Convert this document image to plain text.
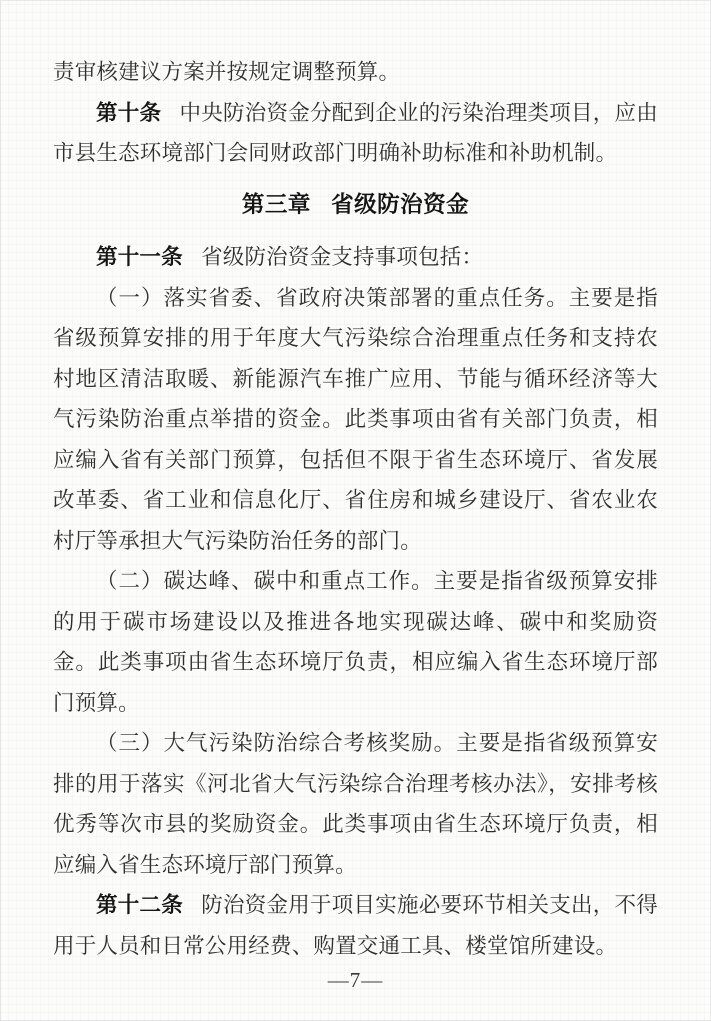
责审核建议方案并按规定调整预算。

第十条 中央防治资金分配到企业的污染治理类项目，应由市县生态环境部门会同财政部门明确补助标准和补助机制。

第三章 省级防治资金

第十一条 省级防治资金支持事项包括：

（一）落实省委、省政府决策部署的重点任务。主要是指省级预算安排的用于年度大气污染综合治理重点任务和支持农村地区清洁取暖、新能源汽车推广应用、节能与循环经济等大气污染防治重点举措的资金。此类事项由省有关部门负责，相应编入省有关部门预算，包括但不限于省生态环境厅、省发展改革委、省工业和信息化厅、省住房和城乡建设厅、省农业农村厅等承担大气污染防治任务的部门。

（二）碳达峰、碳中和重点工作。主要是指省级预算安排的用于碳市场建设以及推进各地实现碳达峰、碳中和奖励资金。此类事项由省生态环境厅负责，相应编入省生态环境厅部门预算。

（三）大气污染防治综合考核奖励。主要是指省级预算安排的用于落实《河北省大气污染综合治理考核办法》，安排考核优秀等次市县的奖励资金。此类事项由省生态环境厅负责，相应编入省生态环境厅部门预算。

第十二条 防治资金用于项目实施必要环节相关支出，不得用于人员和日常公用经费、购置交通工具、楼堂馆所建设。

—7—
